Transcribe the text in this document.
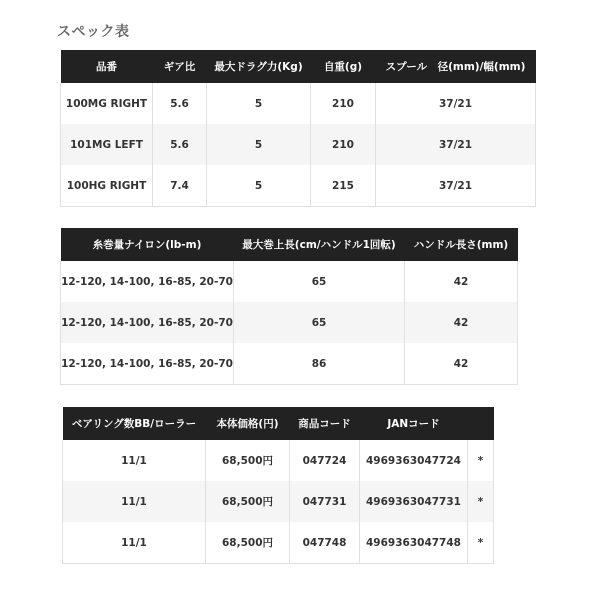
スペック表
品番	ギア比	最大ドラグ力(Kg)	自重(g)	スプール　径(mm)/幅(mm)
100MG RIGHT	5.6	5	210	37/21
101MG LEFT	5.6	5	210	37/21
100HG RIGHT	7.4	5	215	37/21
糸巻量ナイロン(lb-m)	最大巻上長(cm/ハンドル1回転)	ハンドル長さ(mm)
12-120, 14-100, 16-85, 20-70	65	42
12-120, 14-100, 16-85, 20-70	65	42
12-120, 14-100, 16-85, 20-70	86	42
ベアリング数BB/ローラー	本体価格(円)	商品コード	JANコード	
11/1	68,500円	047724	4969363047724	*
11/1	68,500円	047731	4969363047731	*
11/1	68,500円	047748	4969363047748	*
